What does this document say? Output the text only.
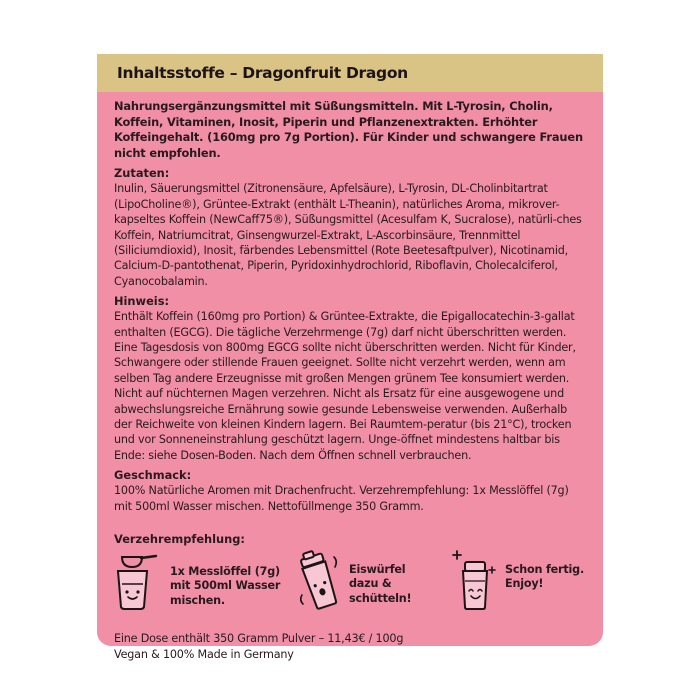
Inhaltsstoffe – Dragonfruit Dragon

Nahrungsergänzungsmittel mit Süßungsmitteln. Mit L-Tyrosin, Cholin, Koffein, Vitaminen, Inosit, Piperin und Pflanzenextrakten. Erhöhter Koffeingehalt. (160mg pro 7g Portion). Für Kinder und schwangere Frauen nicht empfohlen.

Zutaten:

Inulin, Säuerungsmittel (Zitronensäure, Apfelsäure), L-Tyrosin, DL-Cholinbitartrat (LipoCholine®), Grüntee-Extrakt (enthält L-Theanin), natürliches Aroma, mikrover-kapseltes Koffein (NewCaff75®), Süßungsmittel (Acesulfam K, Sucralose), natürli-ches Koffein, Natriumcitrat, Ginsengwurzel-Extrakt, L-Ascorbinsäure, Trennmittel (Siliciumdioxid), Inosit, färbendes Lebensmittel (Rote Beetesaftpulver), Nicotinamid, Calcium-D-pantothenat, Piperin, Pyridoxinhydrochlorid, Riboflavin, Cholecalciferol, Cyanocobalamin.

Hinweis:

Enthält Koffein (160mg pro Portion) & Grüntee-Extrakte, die Epigallocatechin-3-gallat enthalten (EGCG). Die tägliche Verzehrmenge (7g) darf nicht überschritten werden. Eine Tagesdosis von 800mg EGCG sollte nicht überschritten werden. Nicht für Kinder, Schwangere oder stillende Frauen geeignet. Sollte nicht verzehrt werden, wenn am selben Tag andere Erzeugnisse mit großen Mengen grünem Tee konsumiert werden. Nicht auf nüchternen Magen verzehren. Nicht als Ersatz für eine ausgewogene und abwechslungsreiche Ernährung sowie gesunde Lebensweise verwenden. Außerhalb der Reichweite von kleinen Kindern lagern. Bei Raumtem-peratur (bis 21°C), trocken und vor Sonneneinstrahlung geschützt lagern. Unge-öffnet mindestens haltbar bis Ende: siehe Dosen-Boden. Nach dem Öffnen schnell verbrauchen.

Geschmack:

100% Natürliche Aromen mit Drachenfrucht. Verzehrempfehlung: 1x Messlöffel (7g) mit 500ml Wasser mischen. Nettofüllmenge 350 Gramm.

Verzehrempfehlung:

1x Messlöffel (7g) mit 500ml Wasser mischen.
Eiswürfel dazu & schütteln!
Schon fertig. Enjoy!

Eine Dose enthält 350 Gramm Pulver – 11,43€ / 100g

Vegan & 100% Made in Germany
